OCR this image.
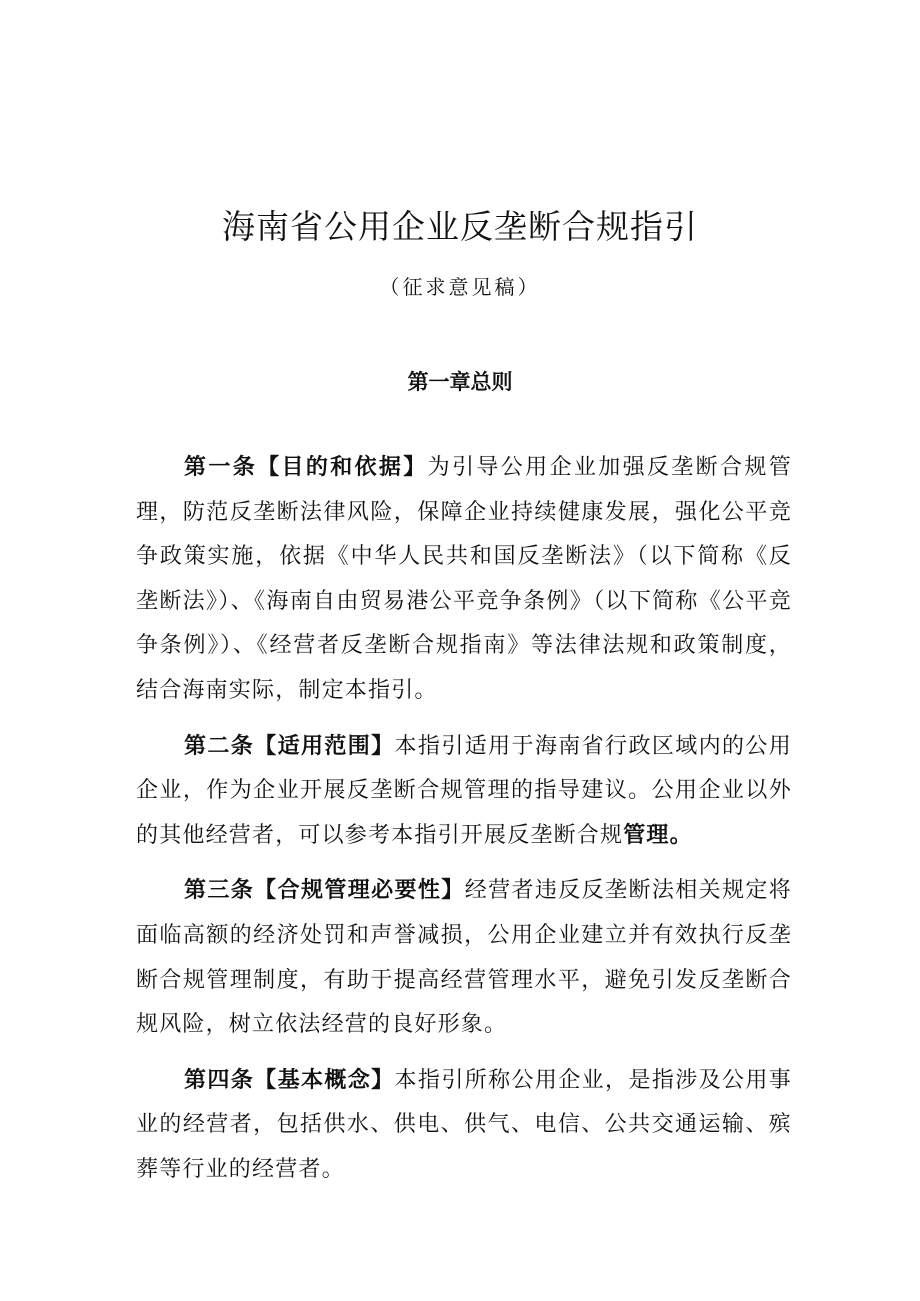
海南省公用企业反垄断合规指引
（征求意见稿）
第一章总则

第一条【目的和依据】为引导公用企业加强反垄断合规管理，防范反垄断法律风险，保障企业持续健康发展，强化公平竞争政策实施，依据《中华人民共和国反垄断法》（以下简称《反垄断法》）、《海南自由贸易港公平竞争条例》（以下简称《公平竞争条例》）、《经营者反垄断合规指南》等法律法规和政策制度，结合海南实际，制定本指引。

第二条【适用范围】本指引适用于海南省行政区域内的公用企业，作为企业开展反垄断合规管理的指导建议。公用企业以外的其他经营者，可以参考本指引开展反垄断合规管理。

第三条【合规管理必要性】经营者违反反垄断法相关规定将面临高额的经济处罚和声誉减损，公用企业建立并有效执行反垄断合规管理制度，有助于提高经营管理水平，避免引发反垄断合规风险，树立依法经营的良好形象。

第四条【基本概念】本指引所称公用企业，是指涉及公用事业的经营者，包括供水、供电、供气、电信、公共交通运输、殡葬等行业的经营者。
